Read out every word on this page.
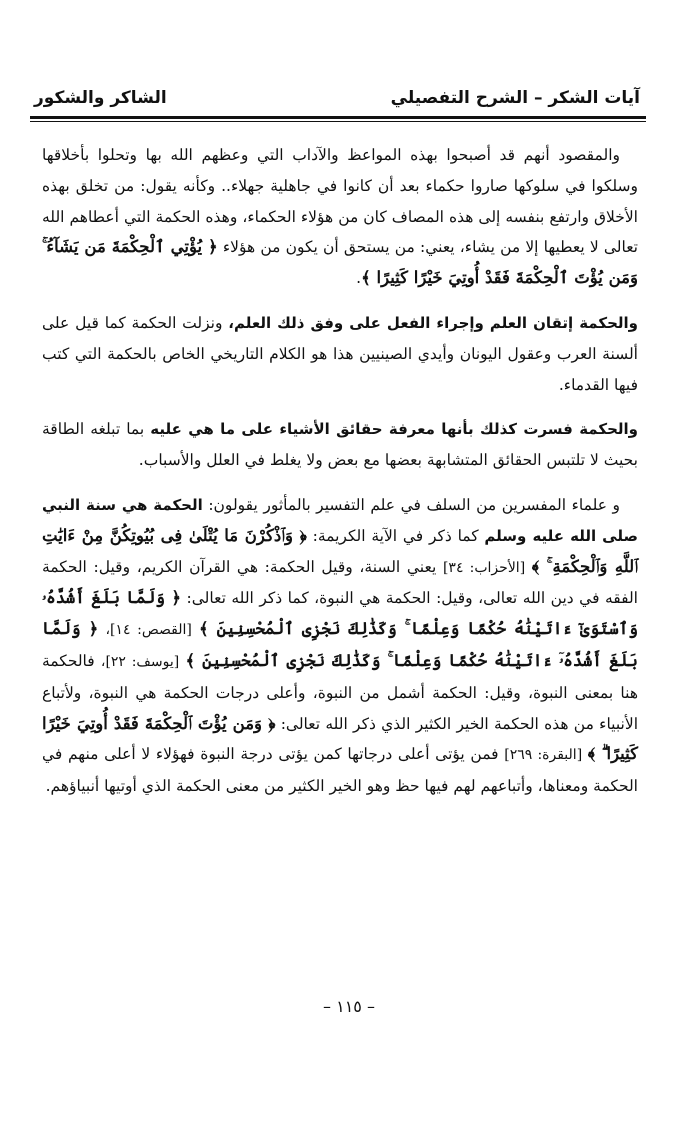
آيات الشكر – الشرح التفصيلي
الشاكر والشكور

والمقصود أنهم قد أصبحوا بهذه المواعظ والآداب التي وعظهم الله بها وتحلوا بأخلاقها وسلكوا في سلوكها صاروا حكماء بعد أن كانوا في جاهلية جهلاء.. وكأنه يقول: من تخلق بهذه الأخلاق وارتفع بنفسه إلى هذه المصاف كان من هؤلاء الحكماء، وهذه الحكمة التي أعطاهم الله تعالى لا يعطيها إلا من يشاء، يعني: من يستحق أن يكون من هؤلاء ﴿ يُؤْتِي ٱلْحِكْمَةَ مَن يَشَآءُ ۚ وَمَن يُؤْتَ ٱلْحِكْمَةَ فَقَدْ أُوتِيَ خَيْرًا كَثِيرًا ﴾.

والحكمة إتقان العلم وإجراء الفعل على وفق ذلك العلم، ونزلت الحكمة كما قيل على ألسنة العرب وعقول اليونان وأيدي الصينيين هذا هو الكلام التاريخي الخاص بالحكمة التي كتب فيها القدماء.

والحكمة فسرت كذلك بأنها معرفة حقائق الأشياء على ما هي عليه بما تبلغه الطاقة بحيث لا تلتبس الحقائق المتشابهة بعضها مع بعض ولا يغلط في العلل والأسباب.

و علماء المفسرين من السلف في علم التفسير بالمأثور يقولون: الحكمة هي سنة النبي صلى الله عليه وسلم كما ذكر في الآية الكريمة: ﴿ وَٱذْكُرْنَ مَا يُتْلَىٰ فِى بُيُوتِكُنَّ مِنْ ءَايَٰتِ ٱللَّهِ وَٱلْحِكْمَةِ ۚ ﴾ [الأحزاب: ٣٤] يعني السنة، وقيل الحكمة: هي القرآن الكريم، وقيل: الحكمة الفقه في دين الله تعالى، وقيل: الحكمة هي النبوة، كما ذكر الله تعالى: ﴿ وَلَمَّا بَلَغَ أَشُدَّهُۥ وَٱسْتَوَىٰٓ ءَاتَيْنَٰهُ حُكْمًا وَعِلْمًا ۚ وَكَذَٰلِكَ نَجْزِى ٱلْمُحْسِنِينَ ﴾ [القصص: ١٤]، ﴿ وَلَمَّا بَلَغَ أَشُدَّهُۥٓ ءَاتَيْنَٰهُ حُكْمًا وَعِلْمًا ۚ وَكَذَٰلِكَ نَجْزِى ٱلْمُحْسِنِينَ ﴾ [يوسف: ٢٢]، فالحكمة هنا بمعنى النبوة، وقيل: الحكمة أشمل من النبوة، وأعلى درجات الحكمة هي النبوة، ولأتباع الأنبياء من هذه الحكمة الخير الكثير الذي ذكر الله تعالى: ﴿ وَمَن يُؤْتَ ٱلْحِكْمَةَ فَقَدْ أُوتِيَ خَيْرًا كَثِيرًا ۗ ﴾ [البقرة: ٢٦٩] فمن يؤتى أعلى درجاتها كمن يؤتى درجة النبوة فهؤلاء لا أعلى منهم في الحكمة ومعناها، وأتباعهم لهم فيها حظ وهو الخير الكثير من معنى الحكمة الذي أوتيها أنبياؤهم.

– ١١٥ –
